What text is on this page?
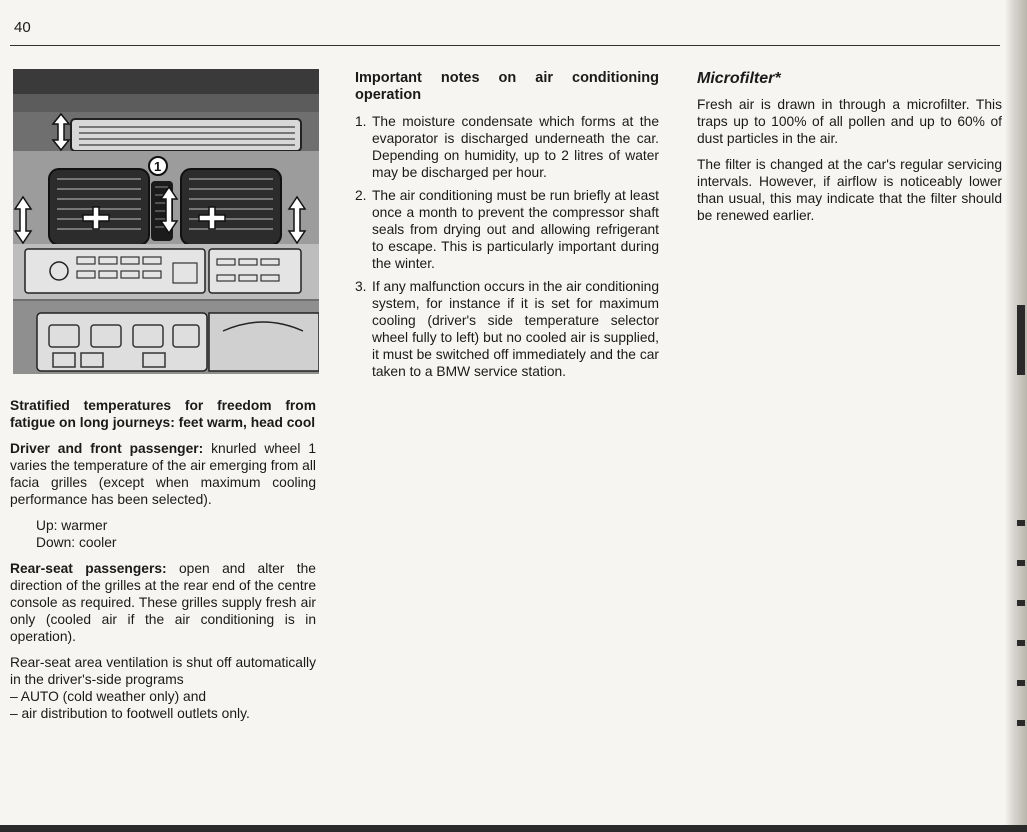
40
1

Stratified temperatures for freedom from fatigue on long journeys: feet warm, head cool

Driver and front passenger: knurled wheel 1 varies the temperature of the air emerging from all facia grilles (except when maximum cooling performance has been selected).

Up: warmer
Down: cooler

Rear-seat passengers: open and alter the direction of the grilles at the rear end of the centre console as required. These grilles supply fresh air only (cooled air if the air conditioning is in operation).

Rear-seat area ventilation is shut off automatically in the driver's-side programs

– AUTO (cold weather only) and
– air distribution to footwell outlets only.

Important notes on air conditioning operation

1. The moisture condensate which forms at the evaporator is discharged underneath the car. Depending on humidity, up to 2 litres of water may be discharged per hour.
2. The air conditioning must be run briefly at least once a month to prevent the compressor shaft seals from drying out and allowing refrigerant to escape. This is particularly important during the winter.
3. If any malfunction occurs in the air conditioning system, for instance if it is set for maximum cooling (driver's side temperature selector wheel fully to left) but no cooled air is supplied, it must be switched off immediately and the car taken to a BMW service station.

Microfilter*

Fresh air is drawn in through a microfilter. This traps up to 100% of all pollen and up to 60% of dust particles in the air.

The filter is changed at the car's regular servicing intervals. However, if airflow is noticeably lower than usual, this may indicate that the filter should be renewed earlier.
